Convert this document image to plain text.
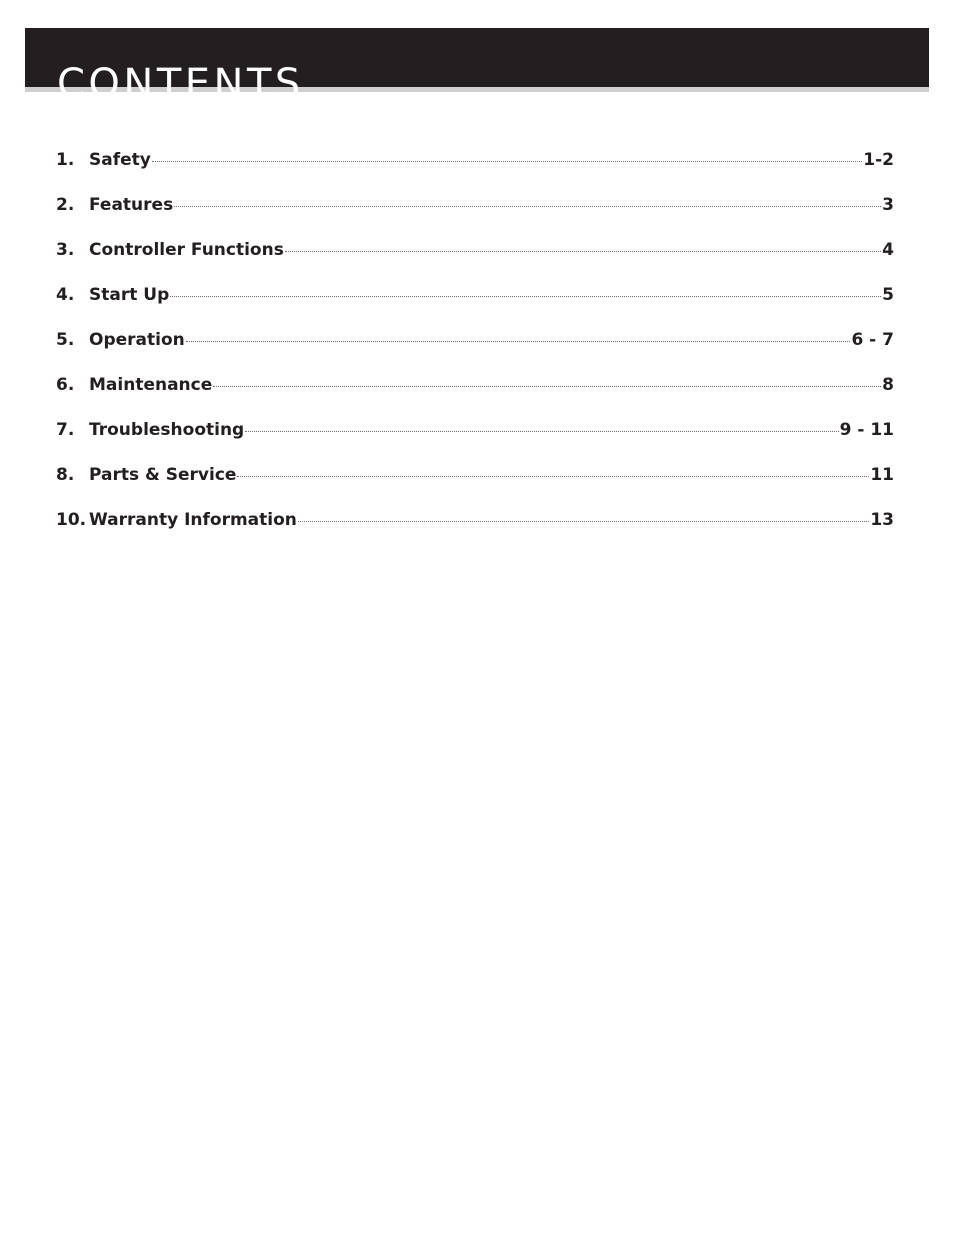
CONTENTS
1. Safety	1-2
2. Features	3
3. Controller Functions	4
4. Start Up	5
5. Operation	6 - 7
6. Maintenance	8
7. Troubleshooting	9 - 11
8. Parts & Service	11
10. Warranty Information	13
